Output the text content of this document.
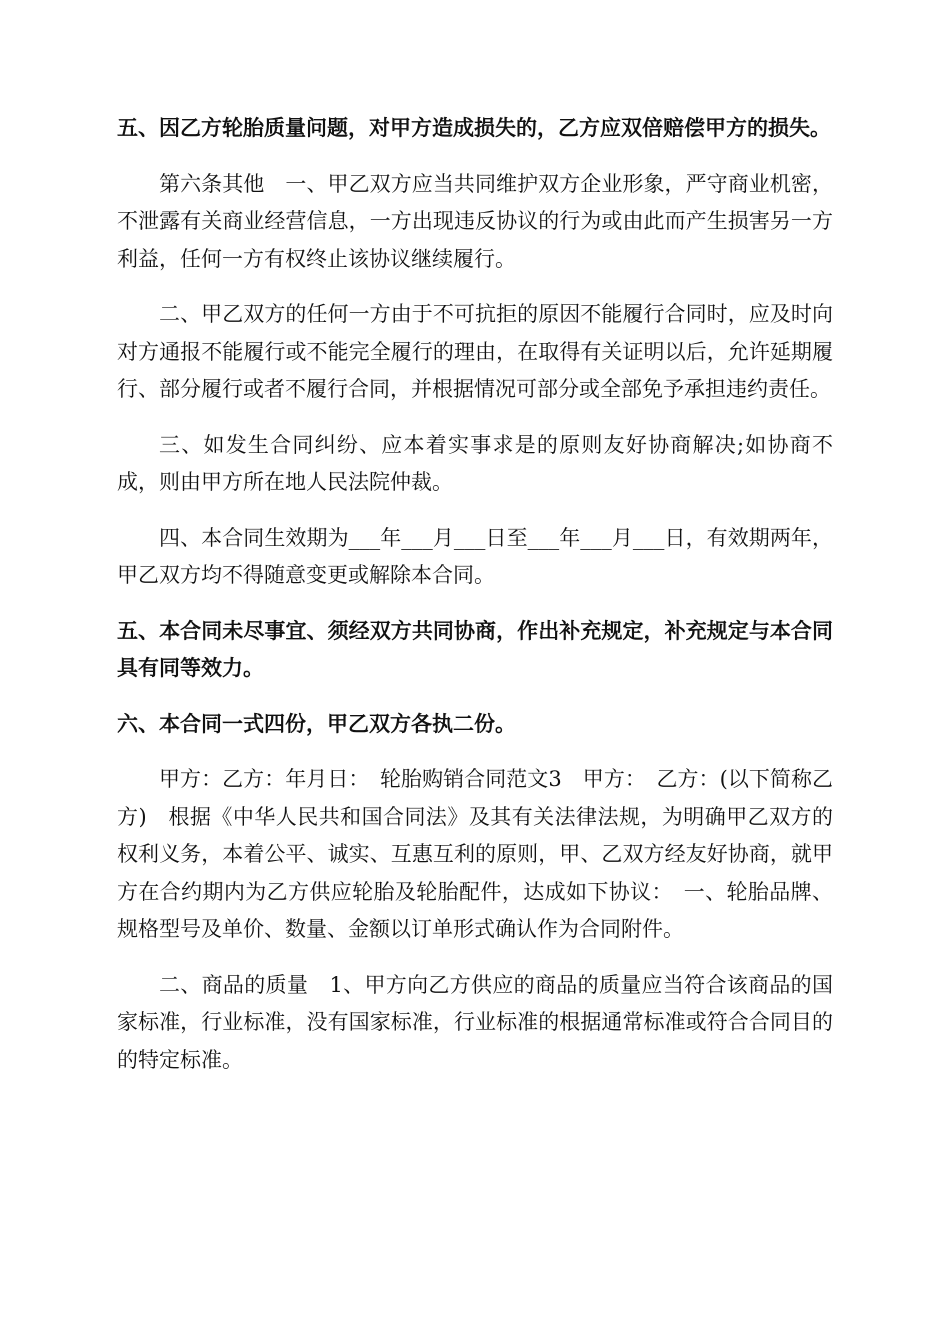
五、因乙方轮胎质量问题，对甲方造成损失的，乙方应双倍赔偿甲方的损失。

第六条其他　一、甲乙双方应当共同维护双方企业形象，严守商业机密，不泄露有关商业经营信息，一方出现违反协议的行为或由此而产生损害另一方利益，任何一方有权终止该协议继续履行。

二、甲乙双方的任何一方由于不可抗拒的原因不能履行合同时，应及时向对方通报不能履行或不能完全履行的理由，在取得有关证明以后，允许延期履行、部分履行或者不履行合同，并根据情况可部分或全部免予承担违约责任。

三、如发生合同纠纷、应本着实事求是的原则友好协商解决;如协商不成，则由甲方所在地人民法院仲裁。

四、本合同生效期为___年___月___日至___年___月___日，有效期两年，甲乙双方均不得随意变更或解除本合同。

五、本合同未尽事宜、须经双方共同协商，作出补充规定，补充规定与本合同具有同等效力。

六、本合同一式四份，甲乙双方各执二份。

甲方：乙方：年月日：　轮胎购销合同范文3　甲方：　乙方：(以下简称乙方)　根据《中华人民共和国合同法》及其有关法律法规，为明确甲乙双方的权利义务，本着公平、诚实、互惠互利的原则，甲、乙双方经友好协商，就甲方在合约期内为乙方供应轮胎及轮胎配件，达成如下协议：　一、轮胎品牌、规格型号及单价、数量、金额以订单形式确认作为合同附件。

二、商品的质量　1、甲方向乙方供应的商品的质量应当符合该商品的国家标准，行业标准，没有国家标准，行业标准的根据通常标准或符合合同目的的特定标准。
